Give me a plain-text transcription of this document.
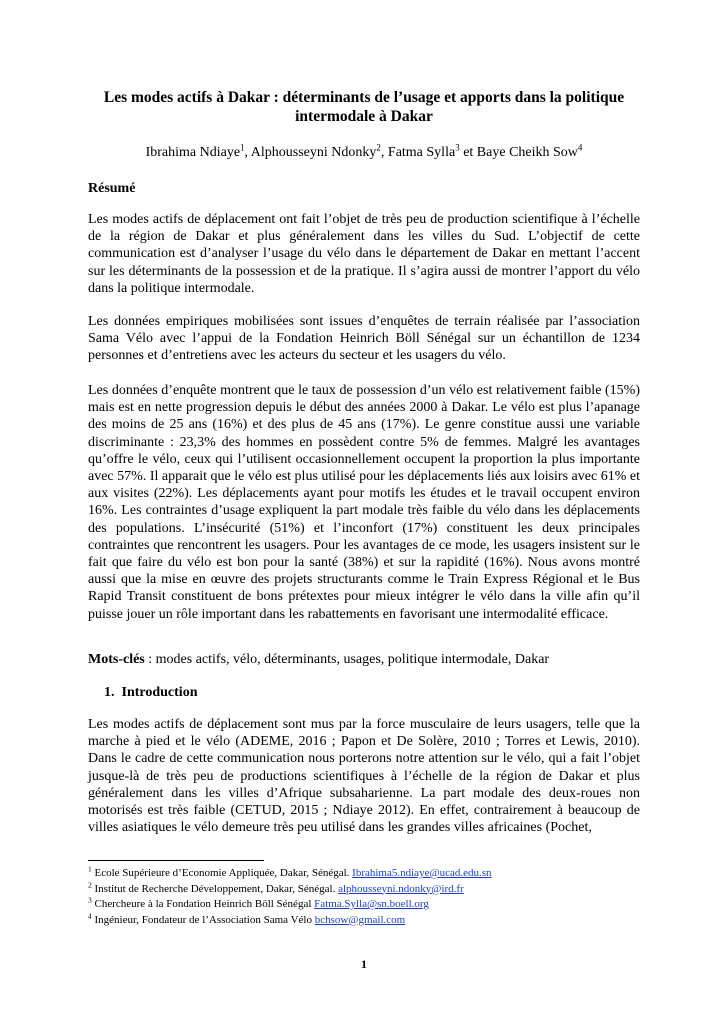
Les modes actifs à Dakar : déterminants de l’usage et apports dans la politique intermodale à Dakar
Ibrahima Ndiaye$^1$, Alphousseyni Ndonky$^2$, Fatma Sylla$^3$ et Baye Cheikh Sow$^4$
Résumé

Les modes actifs de déplacement ont fait l’objet de très peu de production scientifique à l’échelle de la région de Dakar et plus généralement dans les villes du Sud. L’objectif de cette communication est d’analyser l’usage du vélo dans le département de Dakar en mettant l’accent sur les déterminants de la possession et de la pratique. Il s’agira aussi de montrer l’apport du vélo dans la politique intermodale.

Les données empiriques mobilisées sont issues d’enquêtes de terrain réalisée par l’association Sama Vélo avec l’appui de la Fondation Heinrich Böll Sénégal sur un échantillon de 1234 personnes et d’entretiens avec les acteurs du secteur et les usagers du vélo.

Les données d’enquête montrent que le taux de possession d’un vélo est relativement faible (15%) mais est en nette progression depuis le début des années 2000 à Dakar. Le vélo est plus l’apanage des moins de 25 ans (16%) et des plus de 45 ans (17%). Le genre constitue aussi une variable discriminante : 23,3% des hommes en possèdent contre 5% de femmes. Malgré les avantages qu’offre le vélo, ceux qui l’utilisent occasionnellement occupent la proportion la plus importante avec 57%. Il apparait que le vélo est plus utilisé pour les déplacements liés aux loisirs avec 61% et aux visites (22%). Les déplacements ayant pour motifs les études et le travail occupent environ 16%. Les contraintes d’usage expliquent la part modale très faible du vélo dans les déplacements des populations. L’insécurité (51%) et l’inconfort (17%) constituent les deux principales contraintes que rencontrent les usagers. Pour les avantages de ce mode, les usagers insistent sur le fait que faire du vélo est bon pour la santé (38%) et sur la rapidité (16%). Nous avons montré aussi que la mise en œuvre des projets structurants comme le Train Express Régional et le Bus Rapid Transit constituent de bons prétextes pour mieux intégrer le vélo dans la ville afin qu’il puisse jouer un rôle important dans les rabattements en favorisant une intermodalité efficace.

Mots-clés : modes actifs, vélo, déterminants, usages, politique intermodale, Dakar
1. Introduction

Les modes actifs de déplacement sont mus par la force musculaire de leurs usagers, telle que la marche à pied et le vélo (ADEME, 2016 ; Papon et De Solère, 2010 ; Torres et Lewis, 2010). Dans le cadre de cette communication nous porterons notre attention sur le vélo, qui a fait l’objet jusque-là de très peu de productions scientifiques à l’échelle de la région de Dakar et plus généralement dans les villes d’Afrique subsaharienne. La part modale des deux-roues non motorisés est très faible (CETUD, 2015 ; Ndiaye 2012). En effet, contrairement à beaucoup de villes asiatiques le vélo demeure très peu utilisé dans les grandes villes africaines (Pochet,

$^1$ Ecole Supérieure d’Economie Appliquée, Dakar, Sénégal. Ibrahima5.ndiaye@ucad.edu.sn
$^2$ Institut de Recherche Développement, Dakar, Sénégal. alphousseyni.ndonky@ird.fr
$^3$ Chercheure à la Fondation Heinrich Böll Sénégal Fatma.Sylla@sn.boell.org
$^4$ Ingénieur, Fondateur de l’Association Sama Vélo bchsow@gmail.com
1
